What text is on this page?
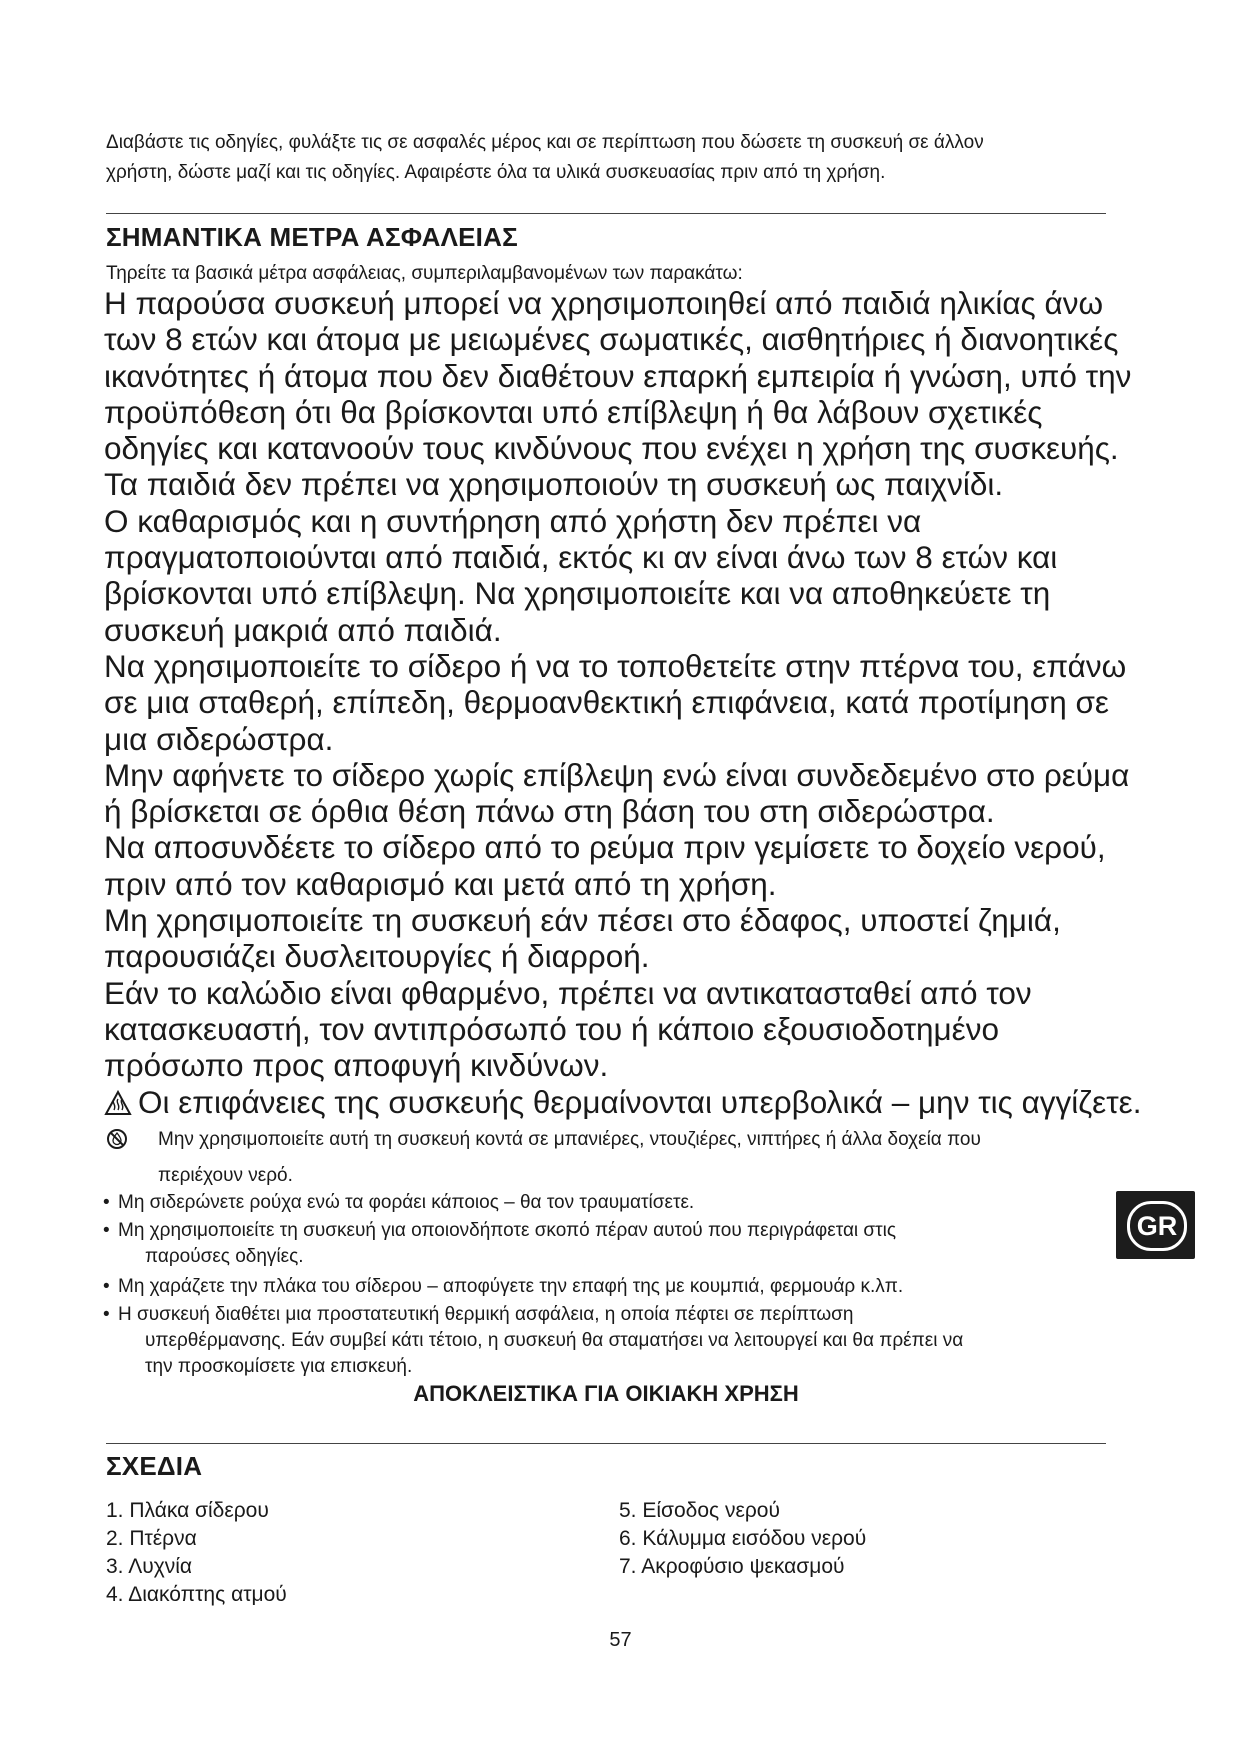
Διαβάστε τις οδηγίες, φυλάξτε τις σε ασφαλές μέρος και σε περίπτωση που δώσετε τη συσκευή σε άλλον
χρήστη, δώστε μαζί και τις οδηγίες. Αφαιρέστε όλα τα υλικά συσκευασίας πριν από τη χρήση.
ΣΗΜΑΝΤΙΚΑ ΜΕΤΡΑ ΑΣΦΑΛΕΙΑΣ
Τηρείτε τα βασικά μέτρα ασφάλειας, συμπεριλαμβανομένων των παρακάτω:

Η παρούσα συσκευή μπορεί να χρησιμοποιηθεί από παιδιά ηλικίας άνω

των 8 ετών και άτομα με μειωμένες σωματικές, αισθητήριες ή διανοητικές

ικανότητες ή άτομα που δεν διαθέτουν επαρκή εμπειρία ή γνώση, υπό την

προϋπόθεση ότι θα βρίσκονται υπό επίβλεψη ή θα λάβουν σχετικές

οδηγίες και κατανοούν τους κινδύνους που ενέχει η χρήση της συσκευής.

Τα παιδιά δεν πρέπει να χρησιμοποιούν τη συσκευή ως παιχνίδι.

Ο καθαρισμός και η συντήρηση από χρήστη δεν πρέπει να

πραγματοποιούνται από παιδιά, εκτός κι αν είναι άνω των 8 ετών και

βρίσκονται υπό επίβλεψη. Να χρησιμοποιείτε και να αποθηκεύετε τη

συσκευή μακριά από παιδιά.

Να χρησιμοποιείτε το σίδερο ή να το τοποθετείτε στην πτέρνα του, επάνω

σε μια σταθερή, επίπεδη, θερμοανθεκτική επιφάνεια, κατά προτίμηση σε

μια σιδερώστρα.

Μην αφήνετε το σίδερο χωρίς επίβλεψη ενώ είναι συνδεδεμένο στο ρεύμα

ή βρίσκεται σε όρθια θέση πάνω στη βάση του στη σιδερώστρα.

Να αποσυνδέετε το σίδερο από το ρεύμα πριν γεμίσετε το δοχείο νερού,

πριν από τον καθαρισμό και μετά από τη χρήση.

Μη χρησιμοποιείτε τη συσκευή εάν πέσει στο έδαφος, υποστεί ζημιά,

παρουσιάζει δυσλειτουργίες ή διαρροή.

Εάν το καλώδιο είναι φθαρμένο, πρέπει να αντικατασταθεί από τον

κατασκευαστή, τον αντιπρόσωπό του ή κάποιο εξουσιοδοτημένο

πρόσωπο προς αποφυγή κινδύνων.

Οι επιφάνειες της συσκευής θερμαίνονται υπερβολικά – μην τις αγγίζετε.

Μην χρησιμοποιείτε αυτή τη συσκευή κοντά σε μπανιέρες, ντουζιέρες, νιπτήρες ή άλλα δοχεία που
περιέχουν νερό.
• Μη σιδερώνετε ρούχα ενώ τα φοράει κάποιος – θα τον τραυματίσετε.
• Μη χρησιμοποιείτε τη συσκευή για οποιονδήποτε σκοπό πέραν αυτού που περιγράφεται στις
παρούσες οδηγίες.
• Μη χαράζετε την πλάκα του σίδερου – αποφύγετε την επαφή της με κουμπιά, φερμουάρ κ.λπ.
• Η συσκευή διαθέτει μια προστατευτική θερμική ασφάλεια, η οποία πέφτει σε περίπτωση
υπερθέρμανσης. Εάν συμβεί κάτι τέτοιο, η συσκευή θα σταματήσει να λειτουργεί και θα πρέπει να
την προσκομίσετε για επισκευή.
ΑΠΟΚΛΕΙΣΤΙΚΑ ΓΙΑ ΟΙΚΙΑΚΗ ΧΡΗΣΗ
GR
ΣΧΕΔΙΑ
1. Πλάκα σίδερου
2. Πτέρνα
3. Λυχνία
4. Διακόπτης ατμού
5. Είσοδος νερού
6. Κάλυμμα εισόδου νερού
7. Ακροφύσιο ψεκασμού
57
